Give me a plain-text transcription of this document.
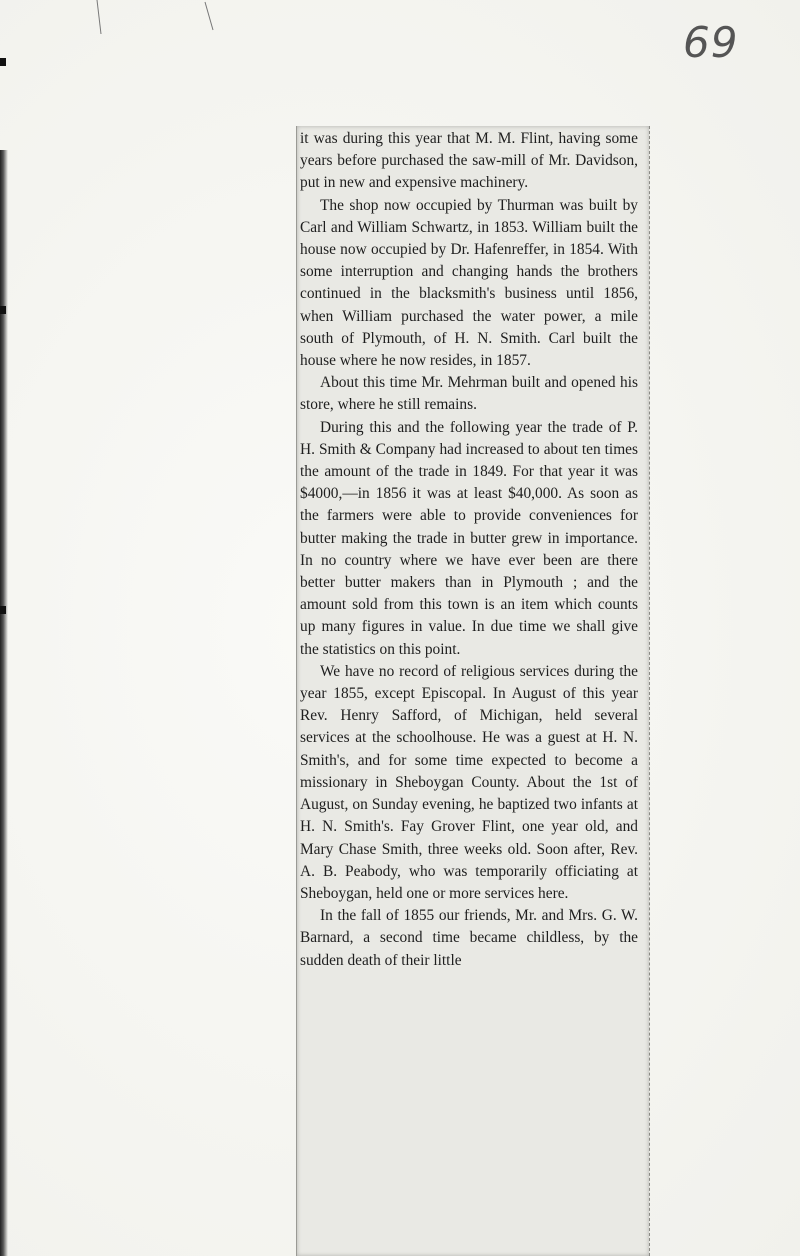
69

it was during this year that M. M. Flint, having some years before purchased the saw-mill of Mr. Davidson, put in new and expensive machinery.

The shop now occupied by Thurman was built by Carl and William Schwartz, in 1853. William built the house now occupied by Dr. Hafenreffer, in 1854. With some interruption and changing hands the brothers continued in the blacksmith's business until 1856, when William purchased the water power, a mile south of Plymouth, of H. N. Smith. Carl built the house where he now resides, in 1857.

About this time Mr. Mehrman built and opened his store, where he still remains.

During this and the following year the trade of P. H. Smith & Company had increased to about ten times the amount of the trade in 1849. For that year it was $4000,—in 1856 it was at least $40,000. As soon as the farmers were able to provide conveniences for butter making the trade in butter grew in importance. In no country where we have ever been are there better butter makers than in Plymouth ; and the amount sold from this town is an item which counts up many figures in value. In due time we shall give the statistics on this point.

We have no record of religious services during the year 1855, except Episcopal. In August of this year Rev. Henry Safford, of Michigan, held several services at the schoolhouse. He was a guest at H. N. Smith's, and for some time expected to become a missionary in Sheboygan County. About the 1st of August, on Sunday evening, he baptized two infants at H. N. Smith's. Fay Grover Flint, one year old, and Mary Chase Smith, three weeks old. Soon after, Rev. A. B. Peabody, who was temporarily officiating at Sheboygan, held one or more services here.

In the fall of 1855 our friends, Mr. and Mrs. G. W. Barnard, a second time became childless, by the sudden death of their little
